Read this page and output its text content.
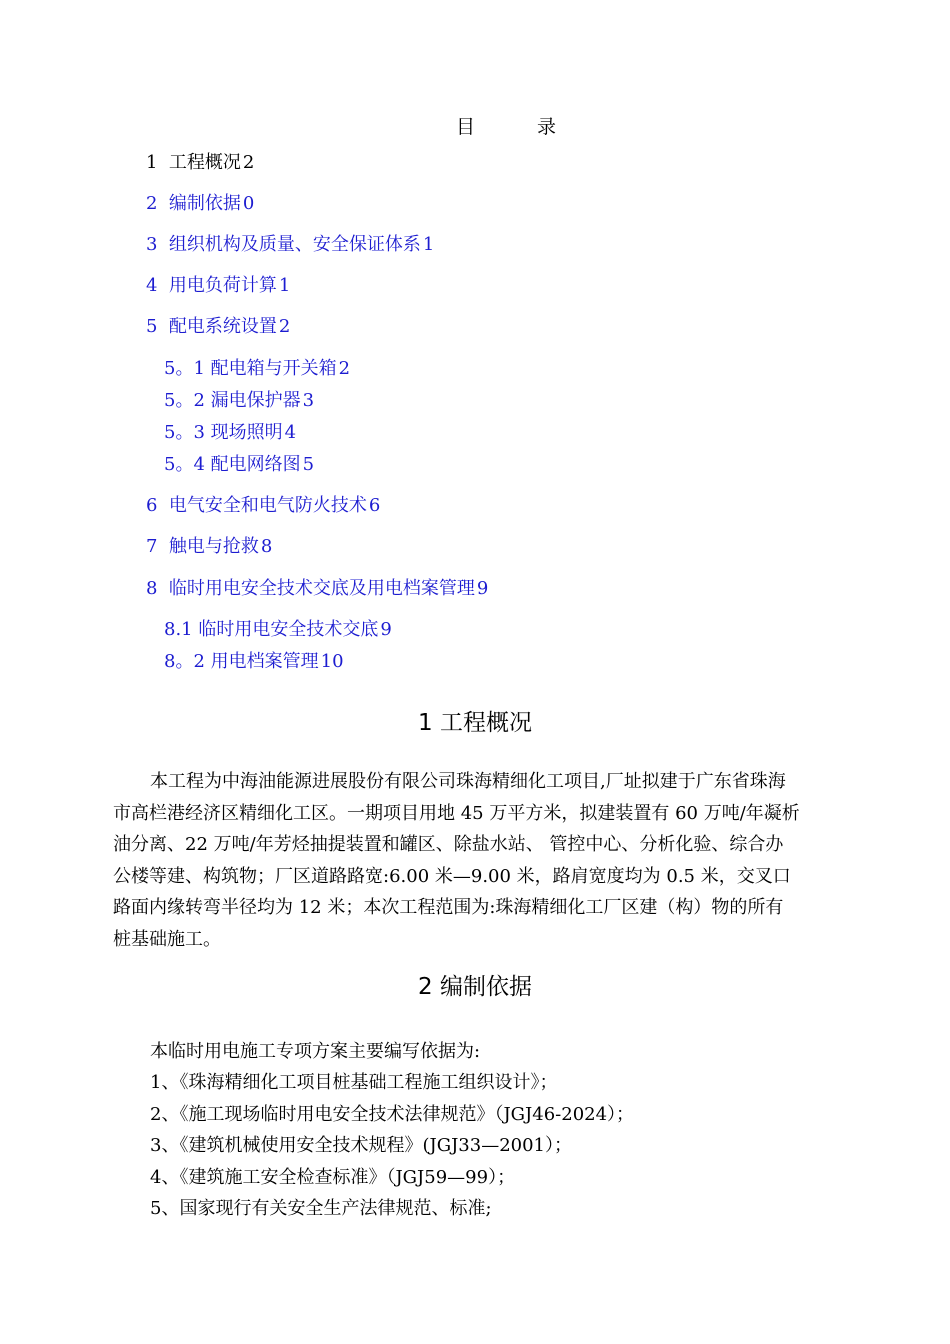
目	录
1 工程概况 2
2 编制依据 0
3 组织机构及质量、安全保证体系 1
4 用电负荷计算 1
5 配电系统设置 2
5。1 配电箱与开关箱 2
5。2 漏电保护器 3
5。3 现场照明 4
5。4 配电网络图 5
6 电气安全和电气防火技术 6
7 触电与抢救 8
8 临时用电安全技术交底及用电档案管理 9
8.1 临时用电安全技术交底 9
8。2 用电档案管理 10
1 工程概况
本工程为中海油能源进展股份有限公司珠海精细化工项目,厂址拟建于广东省珠海
市高栏港经济区精细化工区。一期项目用地 45 万平方米，拟建装置有 60 万吨/年凝析
油分离、22 万吨/年芳烃抽提装置和罐区、除盐水站、 管控中心、分析化验、综合办
公楼等建、构筑物；厂区道路路宽:6.00 米—9.00 米，路肩宽度均为 0.5 米，交叉口
路面内缘转弯半径均为 12 米；本次工程范围为:珠海精细化工厂区建（构）物的所有
桩基础施工。
2 编制依据
本临时用电施工专项方案主要编写依据为:
1、《珠海精细化工项目桩基础工程施工组织设计》；
2、《施工现场临时用电安全技术法律规范》（JGJ46-2024）；
3、《建筑机械使用安全技术规程》(JGJ33—2001）；
4、《建筑施工安全检查标准》（JGJ59—99）；
5、国家现行有关安全生产法律规范、标准;
